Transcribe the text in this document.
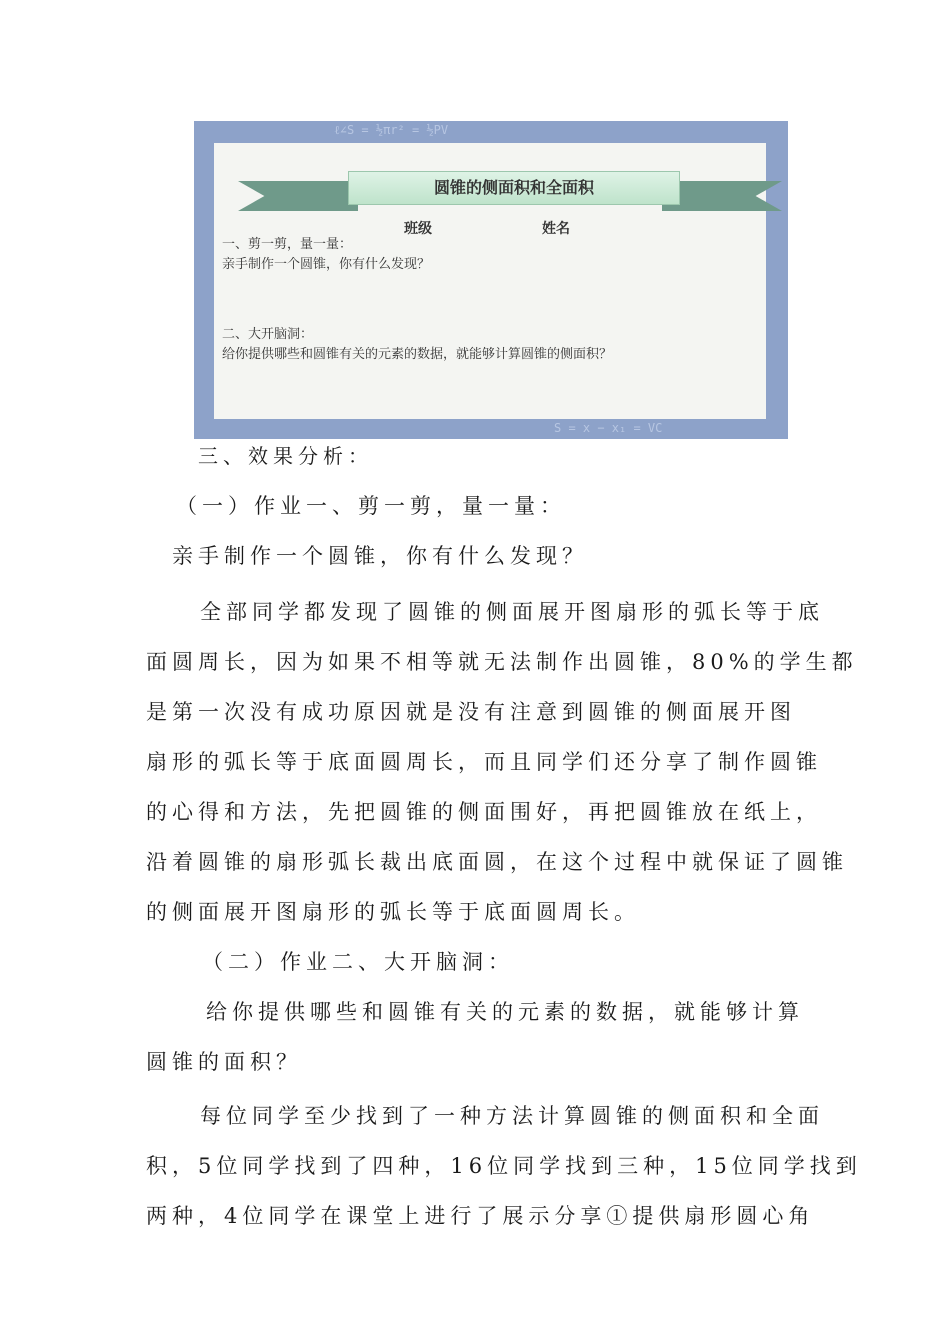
ℓ∠S = ½πr² = ½PV
S = x − x₁ = VC
圆锥的侧面积和全面积
班级	姓名
一、剪一剪，量一量：
亲手制作一个圆锥，你有什么发现？
二、大开脑洞：
给你提供哪些和圆锥有关的元素的数据，就能够计算圆锥的侧面积？
三、效果分析：
（一）作业一、剪一剪，量一量：
亲手制作一个圆锥，你有什么发现？
全部同学都发现了圆锥的侧面展开图扇形的弧长等于底
面圆周长，因为如果不相等就无法制作出圆锥，80%的学生都
是第一次没有成功原因就是没有注意到圆锥的侧面展开图
扇形的弧长等于底面圆周长，而且同学们还分享了制作圆锥
的心得和方法，先把圆锥的侧面围好，再把圆锥放在纸上，
沿着圆锥的扇形弧长裁出底面圆，在这个过程中就保证了圆锥
的侧面展开图扇形的弧长等于底面圆周长。
（二）作业二、大开脑洞：
给你提供哪些和圆锥有关的元素的数据，就能够计算
圆锥的面积？
每位同学至少找到了一种方法计算圆锥的侧面积和全面
积，5位同学找到了四种，16位同学找到三种，15位同学找到
两种，4位同学在课堂上进行了展示分享①提供扇形圆心角
